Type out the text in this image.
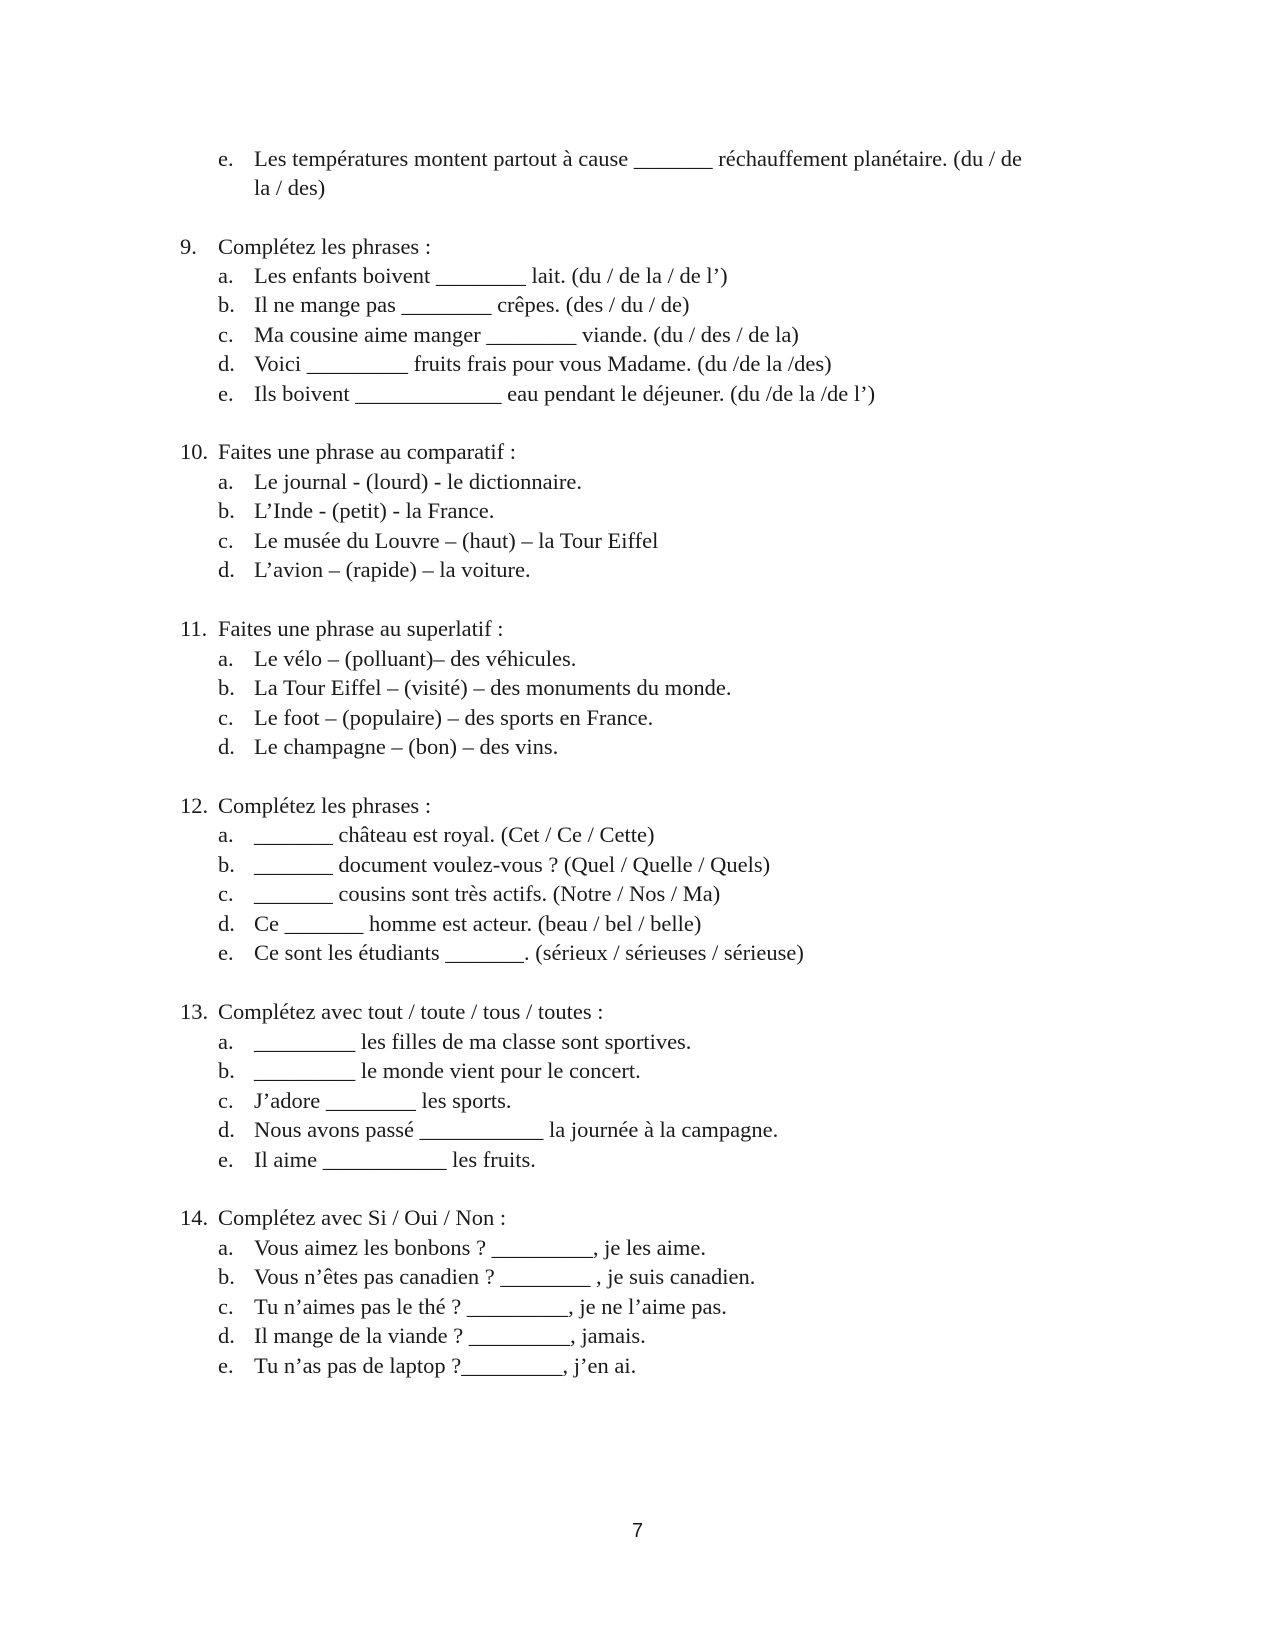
e. Les températures montent partout à cause _______ réchauffement planétaire. (du / de
la / des)
9. Complétez les phrases :
a. Les enfants boivent ________ lait. (du / de la / de l’)
b. Il ne mange pas ________ crêpes. (des / du / de)
c. Ma cousine aime manger ________ viande. (du / des / de la)
d. Voici _________ fruits frais pour vous Madame. (du /de la /des)
e. Ils boivent _____________ eau pendant le déjeuner. (du /de la /de l’)
10. Faites une phrase au comparatif :
a. Le journal - (lourd) - le dictionnaire.
b. L’Inde - (petit) - la France.
c. Le musée du Louvre – (haut) – la Tour Eiffel
d. L’avion – (rapide) – la voiture.
11. Faites une phrase au superlatif :
a. Le vélo – (polluant)– des véhicules.
b. La Tour Eiffel – (visité) – des monuments du monde.
c. Le foot – (populaire) – des sports en France.
d. Le champagne – (bon) – des vins.
12. Complétez les phrases :
a. _______ château est royal. (Cet / Ce / Cette)
b. _______ document voulez-vous ? (Quel / Quelle / Quels)
c. _______ cousins sont très actifs. (Notre / Nos / Ma)
d. Ce _______ homme est acteur. (beau / bel / belle)
e. Ce sont les étudiants _______. (sérieux / sérieuses / sérieuse)
13. Complétez avec tout / toute / tous / toutes :
a. _________ les filles de ma classe sont sportives.
b. _________ le monde vient pour le concert.
c. J’adore ________ les sports.
d. Nous avons passé ___________ la journée à la campagne.
e. Il aime ___________ les fruits.
14. Complétez avec Si / Oui / Non :
a. Vous aimez les bonbons ? _________, je les aime.
b. Vous n’êtes pas canadien ? ________ , je suis canadien.
c. Tu n’aimes pas le thé ? _________, je ne l’aime pas.
d. Il mange de la viande ? _________, jamais.
e. Tu n’as pas de laptop ?_________, j’en ai.
7
